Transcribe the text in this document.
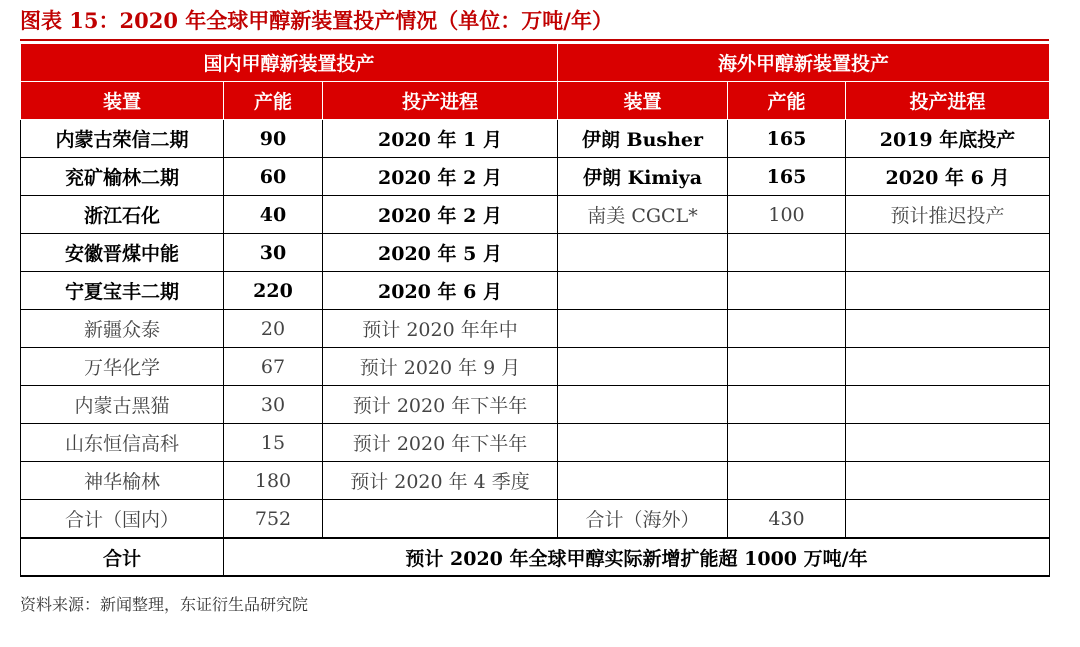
图表 15：2020 年全球甲醇新装置投产情况（单位：万吨/年）
国内甲醇新装置投产			海外甲醇新装置投产		
装置	产能	投产进程	装置	产能	投产进程
内蒙古荣信二期	90	2020 年 1 月	伊朗 Busher	165	2019 年底投产
兖矿榆林二期	60	2020 年 2 月	伊朗 Kimiya	165	2020 年 6 月
浙江石化	40	2020 年 2 月	南美 CGCL*	100	预计推迟投产
安徽晋煤中能	30	2020 年 5 月			
宁夏宝丰二期	220	2020 年 6 月			
新疆众泰	20	预计 2020 年年中			
万华化学	67	预计 2020 年 9 月			
内蒙古黑猫	30	预计 2020 年下半年			
山东恒信高科	15	预计 2020 年下半年			
神华榆林	180	预计 2020 年 4 季度			
合计（国内）	752		合计（海外）	430	
合计	预计 2020 年全球甲醇实际新增扩能超 1000 万吨/年				
资料来源：新闻整理，东证衍生品研究院
